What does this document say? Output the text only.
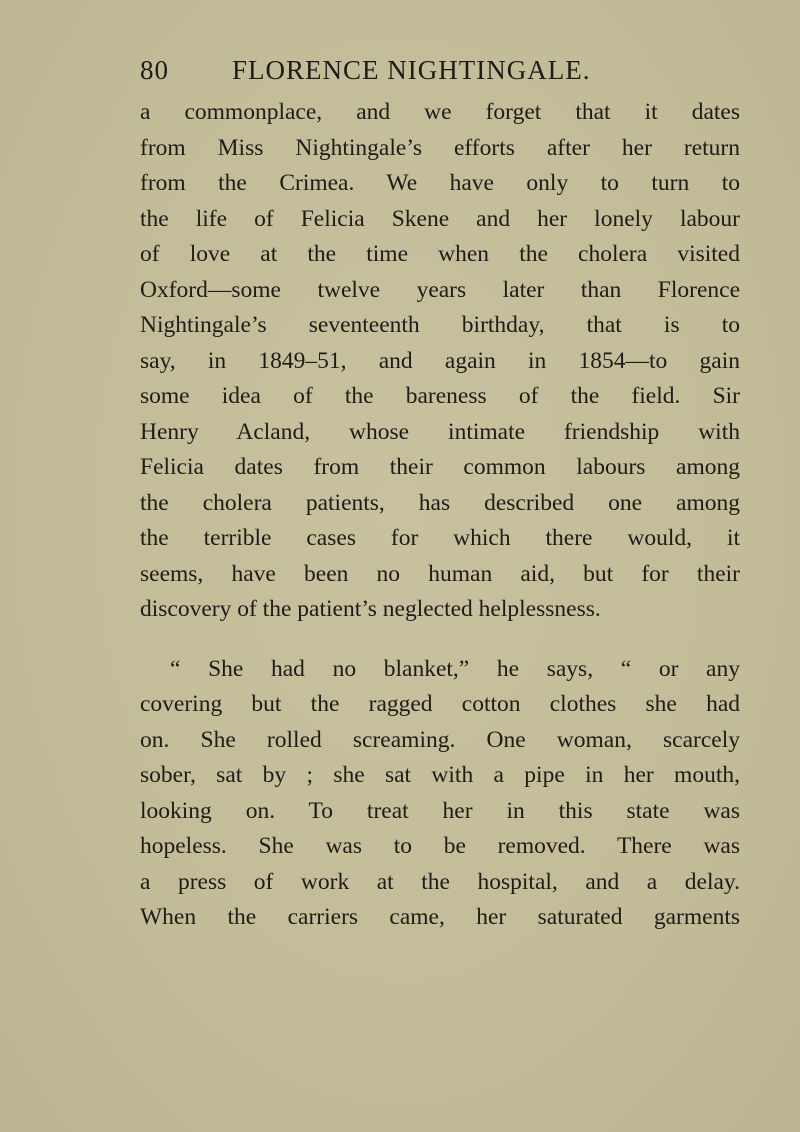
80 FLORENCE NIGHTINGALE.
a commonplace, and we forget that it dates
from Miss Nightingale’s efforts after her return
from the Crimea. We have only to turn to
the life of Felicia Skene and her lonely labour
of love at the time when the cholera visited
Oxford—some twelve years later than Florence
Nightingale’s seventeenth birthday, that is to
say, in 1849–51, and again in 1854—to gain
some idea of the bareness of the field. Sir
Henry Acland, whose intimate friendship with
Felicia dates from their common labours among
the cholera patients, has described one among
the terrible cases for which there would, it
seems, have been no human aid, but for their
discovery of the patient’s neglected helplessness.
“ She had no blanket,” he says, “ or any
covering but the ragged cotton clothes she had
on. She rolled screaming. One woman, scarcely
sober, sat by ; she sat with a pipe in her mouth,
looking on. To treat her in this state was
hopeless. She was to be removed. There was
a press of work at the hospital, and a delay.
When the carriers came, her saturated garments
